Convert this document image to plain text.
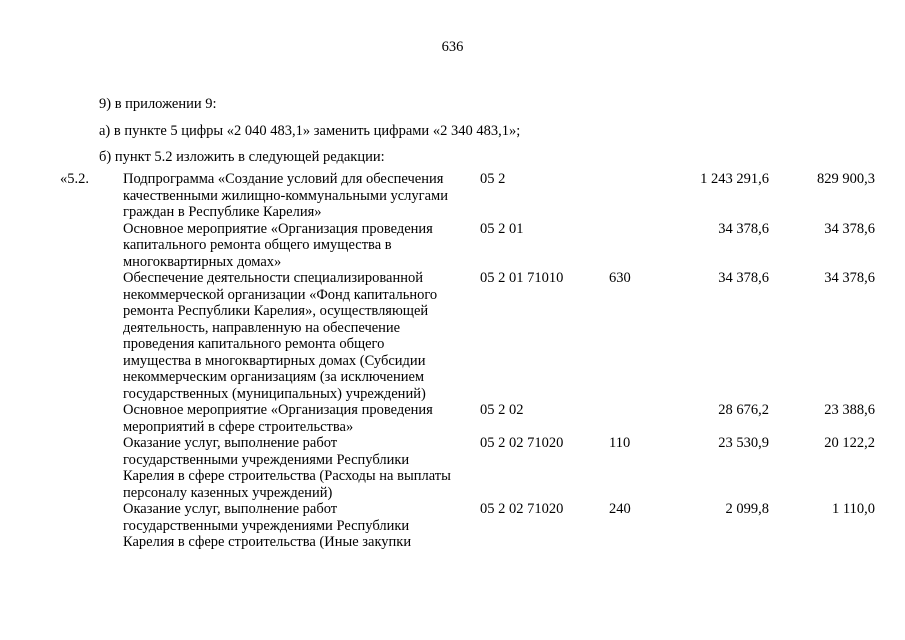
636
9) в приложении 9:
а) в пункте 5 цифры «2 040 483,1» заменить цифрами «2 340 483,1»;
б) пункт 5.2 изложить в следующей редакции:
«5.2. Подпрограмма «Создание условий для обеспечения
качественными жилищно-коммунальными услугами
граждан в Республике Карелия»
05 2	1 243 291,6	829 900,3
Основное мероприятие «Организация проведения
капитального ремонта общего имущества в
многоквартирных домах»
05 2 01	34 378,6	34 378,6
Обеспечение деятельности специализированной
некоммерческой организации «Фонд капитального
ремонта Республики Карелия», осуществляющей
деятельность, направленную на обеспечение
проведения капитального ремонта общего
имущества в многоквартирных домах (Субсидии
некоммерческим организациям (за исключением
государственных (муниципальных) учреждений)
05 2 01 71010	630	34 378,6	34 378,6
Основное мероприятие «Организация проведения
мероприятий в сфере строительства»
05 2 02	28 676,2	23 388,6
Оказание услуг, выполнение работ
государственными учреждениями Республики
Карелия в сфере строительства (Расходы на выплаты
персоналу казенных учреждений)
05 2 02 71020	110	23 530,9	20 122,2
Оказание услуг, выполнение работ
государственными учреждениями Республики
Карелия в сфере строительства (Иные закупки
05 2 02 71020	240	2 099,8	1 110,0
